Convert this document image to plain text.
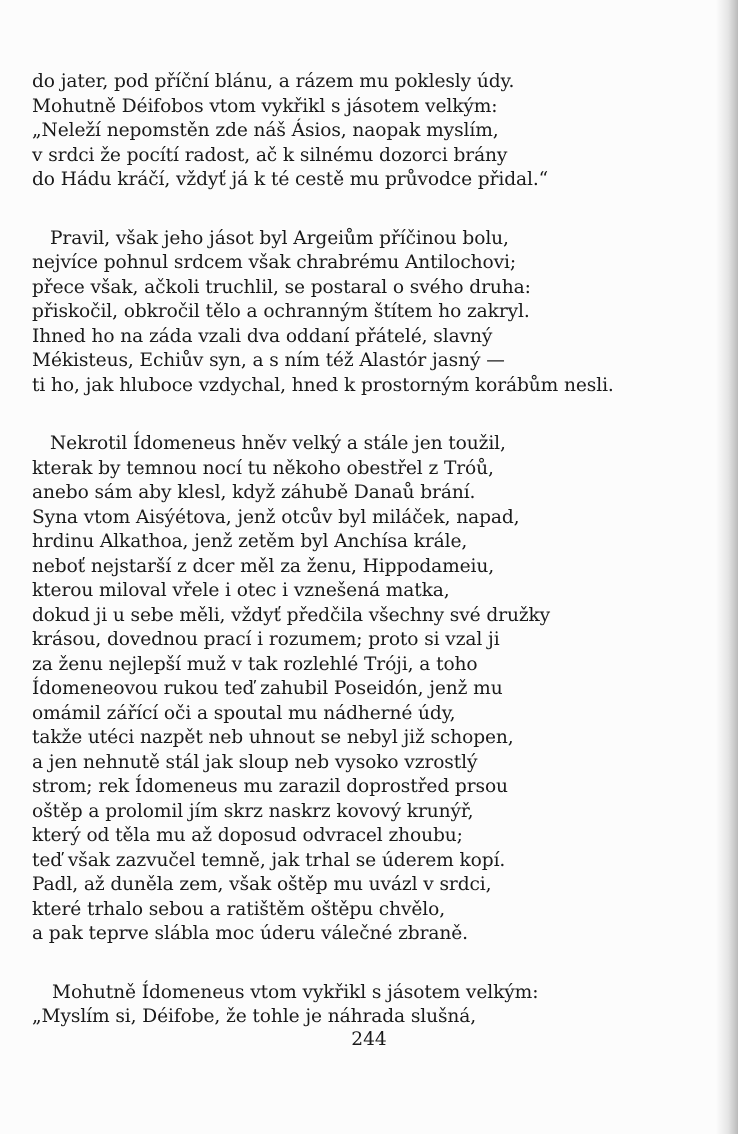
do jater, pod příční blánu, a rázem mu poklesly údy.
Mohutně Déifobos vtom vykřikl s jásotem velkým:
„Neleží nepomstěn zde náš Ásios, naopak myslím,
v srdci že pocítí radost, ač k silnému dozorci brány
do Hádu kráčí, vždyť já k té cestě mu průvodce přidal.“
Pravil, však jeho jásot byl Argeiům příčinou bolu,
nejvíce pohnul srdcem však chrabrému Antilochovi;
přece však, ačkoli truchlil, se postaral o svého druha:
přiskočil, obkročil tělo a ochranným štítem ho zakryl.
Ihned ho na záda vzali dva oddaní přátelé, slavný
Mékisteus, Echiův syn, a s ním též Alastór jasný —
ti ho, jak hluboce vzdychal, hned k prostorným korábům nesli.
Nekrotil Ídomeneus hněv velký a stále jen toužil,
kterak by temnou nocí tu někoho obestřel z Tróů,
anebo sám aby klesl, když záhubě Danaů brání.
Syna vtom Aisýétova, jenž otcův byl miláček, napad,
hrdinu Alkathoa, jenž zetěm byl Anchísa krále,
neboť nejstarší z dcer měl za ženu, Hippodameiu,
kterou miloval vřele i otec i vznešená matka,
dokud ji u sebe měli, vždyť předčila všechny své družky
krásou, dovednou prací i rozumem; proto si vzal ji
za ženu nejlepší muž v tak rozlehlé Tróji, a toho
Ídomeneovou rukou teď zahubil Poseidón, jenž mu
omámil zářící oči a spoutal mu nádherné údy,
takže utéci nazpět neb uhnout se nebyl již schopen,
a jen nehnutě stál jak sloup neb vysoko vzrostlý
strom; rek Ídomeneus mu zarazil doprostřed prsou
oštěp a prolomil jím skrz naskrz kovový krunýř,
který od těla mu až doposud odvracel zhoubu;
teď však zazvučel temně, jak trhal se úderem kopí.
Padl, až duněla zem, však oštěp mu uvázl v srdci,
které trhalo sebou a ratištěm oštěpu chvělo,
a pak teprve slábla moc úderu válečné zbraně.
Mohutně Ídomeneus vtom vykřikl s jásotem velkým:
„Myslím si, Déifobe, že tohle je náhrada slušná,
244
